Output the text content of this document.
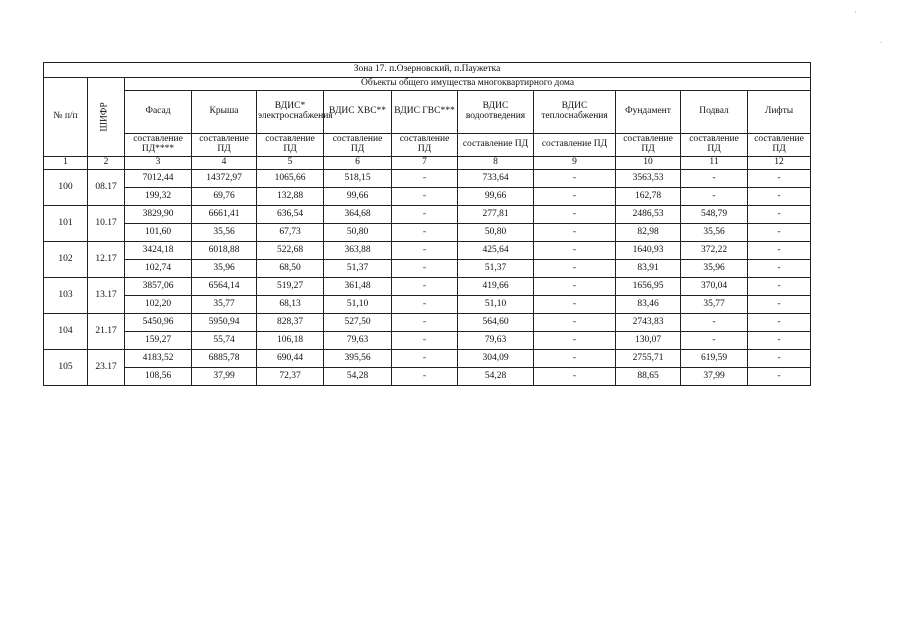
'
.
Зона 17. п.Озерновский, п.Паужетка											
№ п/п	ШИФР	Объекты общего имущества многоквартирного дома									
		Фасад	Крыша	ВДИС* электроснабжения	ВДИС ХВС**	ВДИС ГВС***	ВДИС водоотведения	ВДИС теплоснабжения	Фундамент	Подвал	Лифты
		составление ПД****	составление ПД	составление ПД	составление ПД	составление ПД	составление ПД	составление ПД	составление ПД	составление ПД	составление ПД
1	2	3	4	5	6	7	8	9	10	11	12
100	08.17	7012,44	14372,97	1065,66	518,15	-	733,64	-	3563,53	-	-
		199,32	69,76	132,88	99,66	-	99,66	-	162,78	-	-
101	10.17	3829,90	6661,41	636,54	364,68	-	277,81	-	2486,53	548,79	-
		101,60	35,56	67,73	50,80	-	50,80	-	82,98	35,56	-
102	12.17	3424,18	6018,88	522,68	363,88	-	425,64	-	1640,93	372,22	-
		102,74	35,96	68,50	51,37	-	51,37	-	83,91	35,96	-
103	13.17	3857,06	6564,14	519,27	361,48	-	419,66	-	1656,95	370,04	-
		102,20	35,77	68,13	51,10	-	51,10	-	83,46	35,77	-
104	21.17	5450,96	5950,94	828,37	527,50	-	564,60	-	2743,83	-	-
		159,27	55,74	106,18	79,63	-	79,63	-	130,07	-	-
105	23.17	4183,52	6885,78	690,44	395,56	-	304,09	-	2755,71	619,59	-
		108,56	37,99	72,37	54,28	-	54,28	-	88,65	37,99	-
